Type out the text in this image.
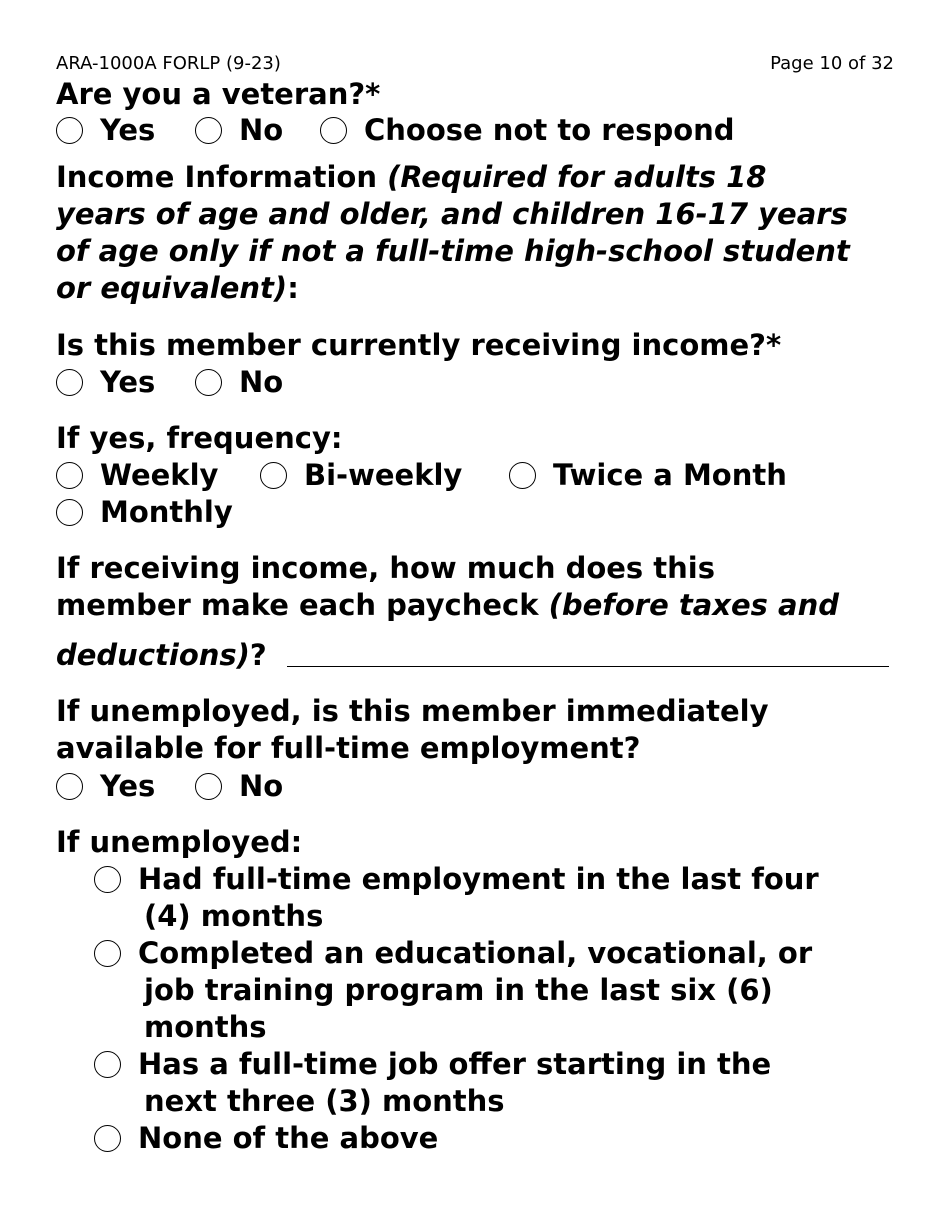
ARA-1000A FORLP (9-23)	Page 10 of 32
Are you a veteran?*
Yes	No	Choose not to respond
Income Information (Required for adults 18
years of age and older, and children 16-17 years
of age only if not a full-time high-school student
or equivalent):
Is this member currently receiving income?*
Yes	No
If yes, frequency:
Weekly	Bi-weekly	Twice a Month
Monthly
If receiving income, how much does this
member make each paycheck (before taxes and
deductions)?
If unemployed, is this member immediately
available for full-time employment?
Yes	No
If unemployed:
Had full-time employment in the last four
(4) months
Completed an educational, vocational, or
job training program in the last six (6)
months
Has a full-time job offer starting in the
next three (3) months
None of the above
